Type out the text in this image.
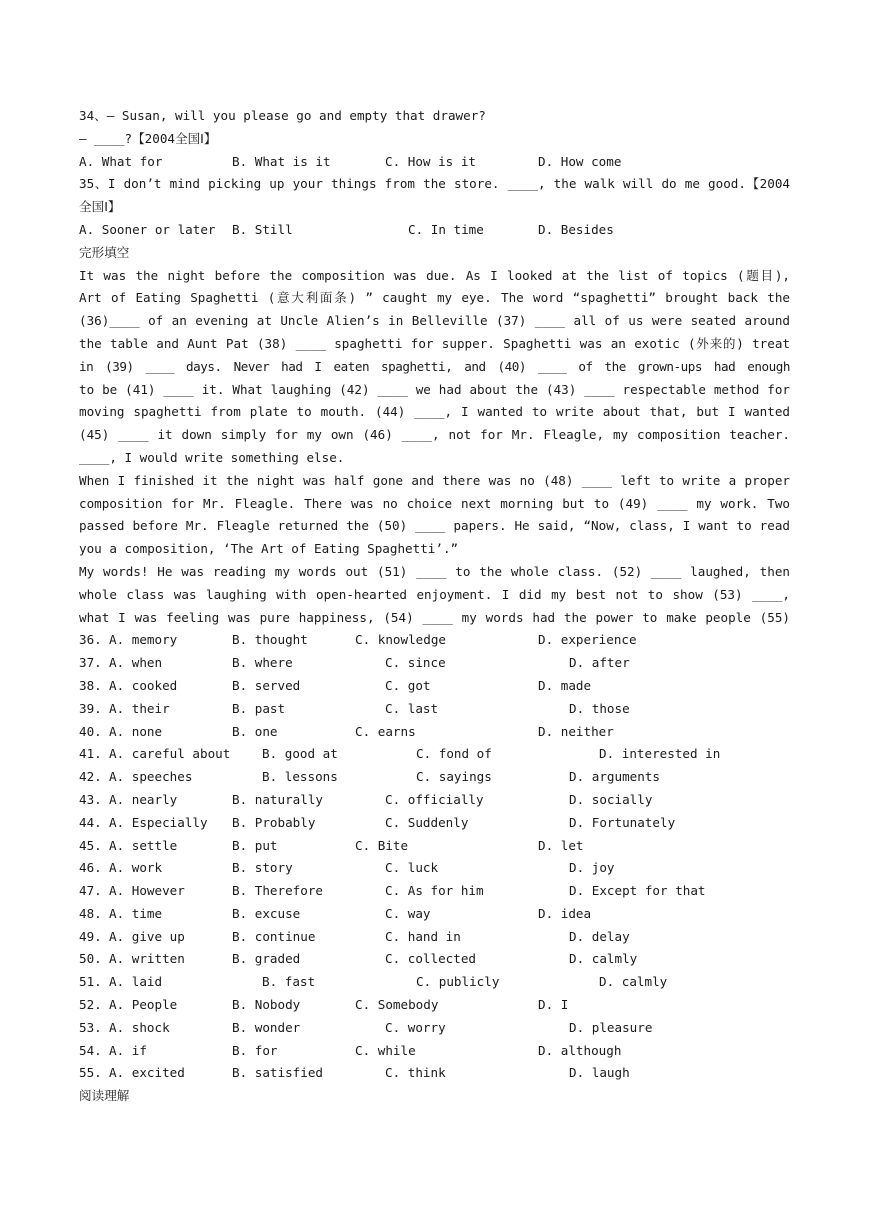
34、— Susan, will you please go and empty that drawer?
— ____?【2004全国Ⅰ】

A. What for

	B. What is it

	C. How is it

	D. How come

35、I don’t mind picking up your things from the store. ____, the walk will do me good.【2004
全国Ⅰ】

A. Sooner or later

B. Still

	C. In time

	D. Besides

完形填空
It was the night before the composition was due. As I looked at the list of topics (题目),
Art of Eating Spaghetti (意大利面条) ” caught my eye. The word “spaghetti” brought back the
(36)____ of an evening at Uncle Alien’s in Belleville (37) ____ all of us were seated around
the table and Aunt Pat (38) ____ spaghetti for supper. Spaghetti was an exotic (外来的) treat
in (39) ____ days. Never had I eaten spaghetti, and (40) ____ of the grown-ups had enough
to be (41) ____ it. What laughing (42) ____ we had about the (43) ____ respectable method for
moving spaghetti from plate to mouth. (44) ____, I wanted to write about that, but I wanted
(45) ____ it down simply for my own (46) ____, not for Mr. Fleagle, my composition teacher.
____, I would write something else.
When I finished it the night was half gone and there was no (48) ____ left to write a proper
composition for Mr. Fleagle. There was no choice next morning but to (49) ____ my work. Two
passed before Mr. Fleagle returned the (50) ____ papers. He said, “Now, class, I want to read
you a composition, ‘The Art of Eating Spaghetti’.”
My words! He was reading my words out (51) ____ to the whole class. (52) ____ laughed, then
whole class was laughing with open-hearted enjoyment. I did my best not to show (53) ____,
what I was feeling was pure happiness, (54) ____ my words had the power to make people (55)
36. A. memory	B. thought	C. knowledge	D. experience
37. A. when	B. where	C. since	D. after
38. A. cooked	B. served	C. got	D. made
39. A. their	B. past	C. last	D. those
40. A. none	B. one	C. earns	D. neither
41. A. careful about	B. good at	C. fond of	D. interested in
42. A. speeches	B. lessons	C. sayings	D. arguments
43. A. nearly	B. naturally	C. officially	D. socially
44. A. Especially B. Probably	C. Suddenly	D. Fortunately
45. A. settle	B. put	C. Bite	D. let
46. A. work	B. story	C. luck	D. joy
47. A. However	B. Therefore	C. As for him	D. Except for that
48. A. time	B. excuse	C. way	D. idea
49. A. give up	B. continue	C. hand in	D. delay
50. A. written	B. graded	C. collected	D. calmly
51. A. laid	B. fast	C. publicly	D. calmly
52. A. People	B. Nobody	C. Somebody	D. I
53. A. shock	B. wonder	C. worry	D. pleasure
54. A. if	B. for	C. while	D. although
55. A. excited	B. satisfied	C. think	D. laugh
阅读理解
